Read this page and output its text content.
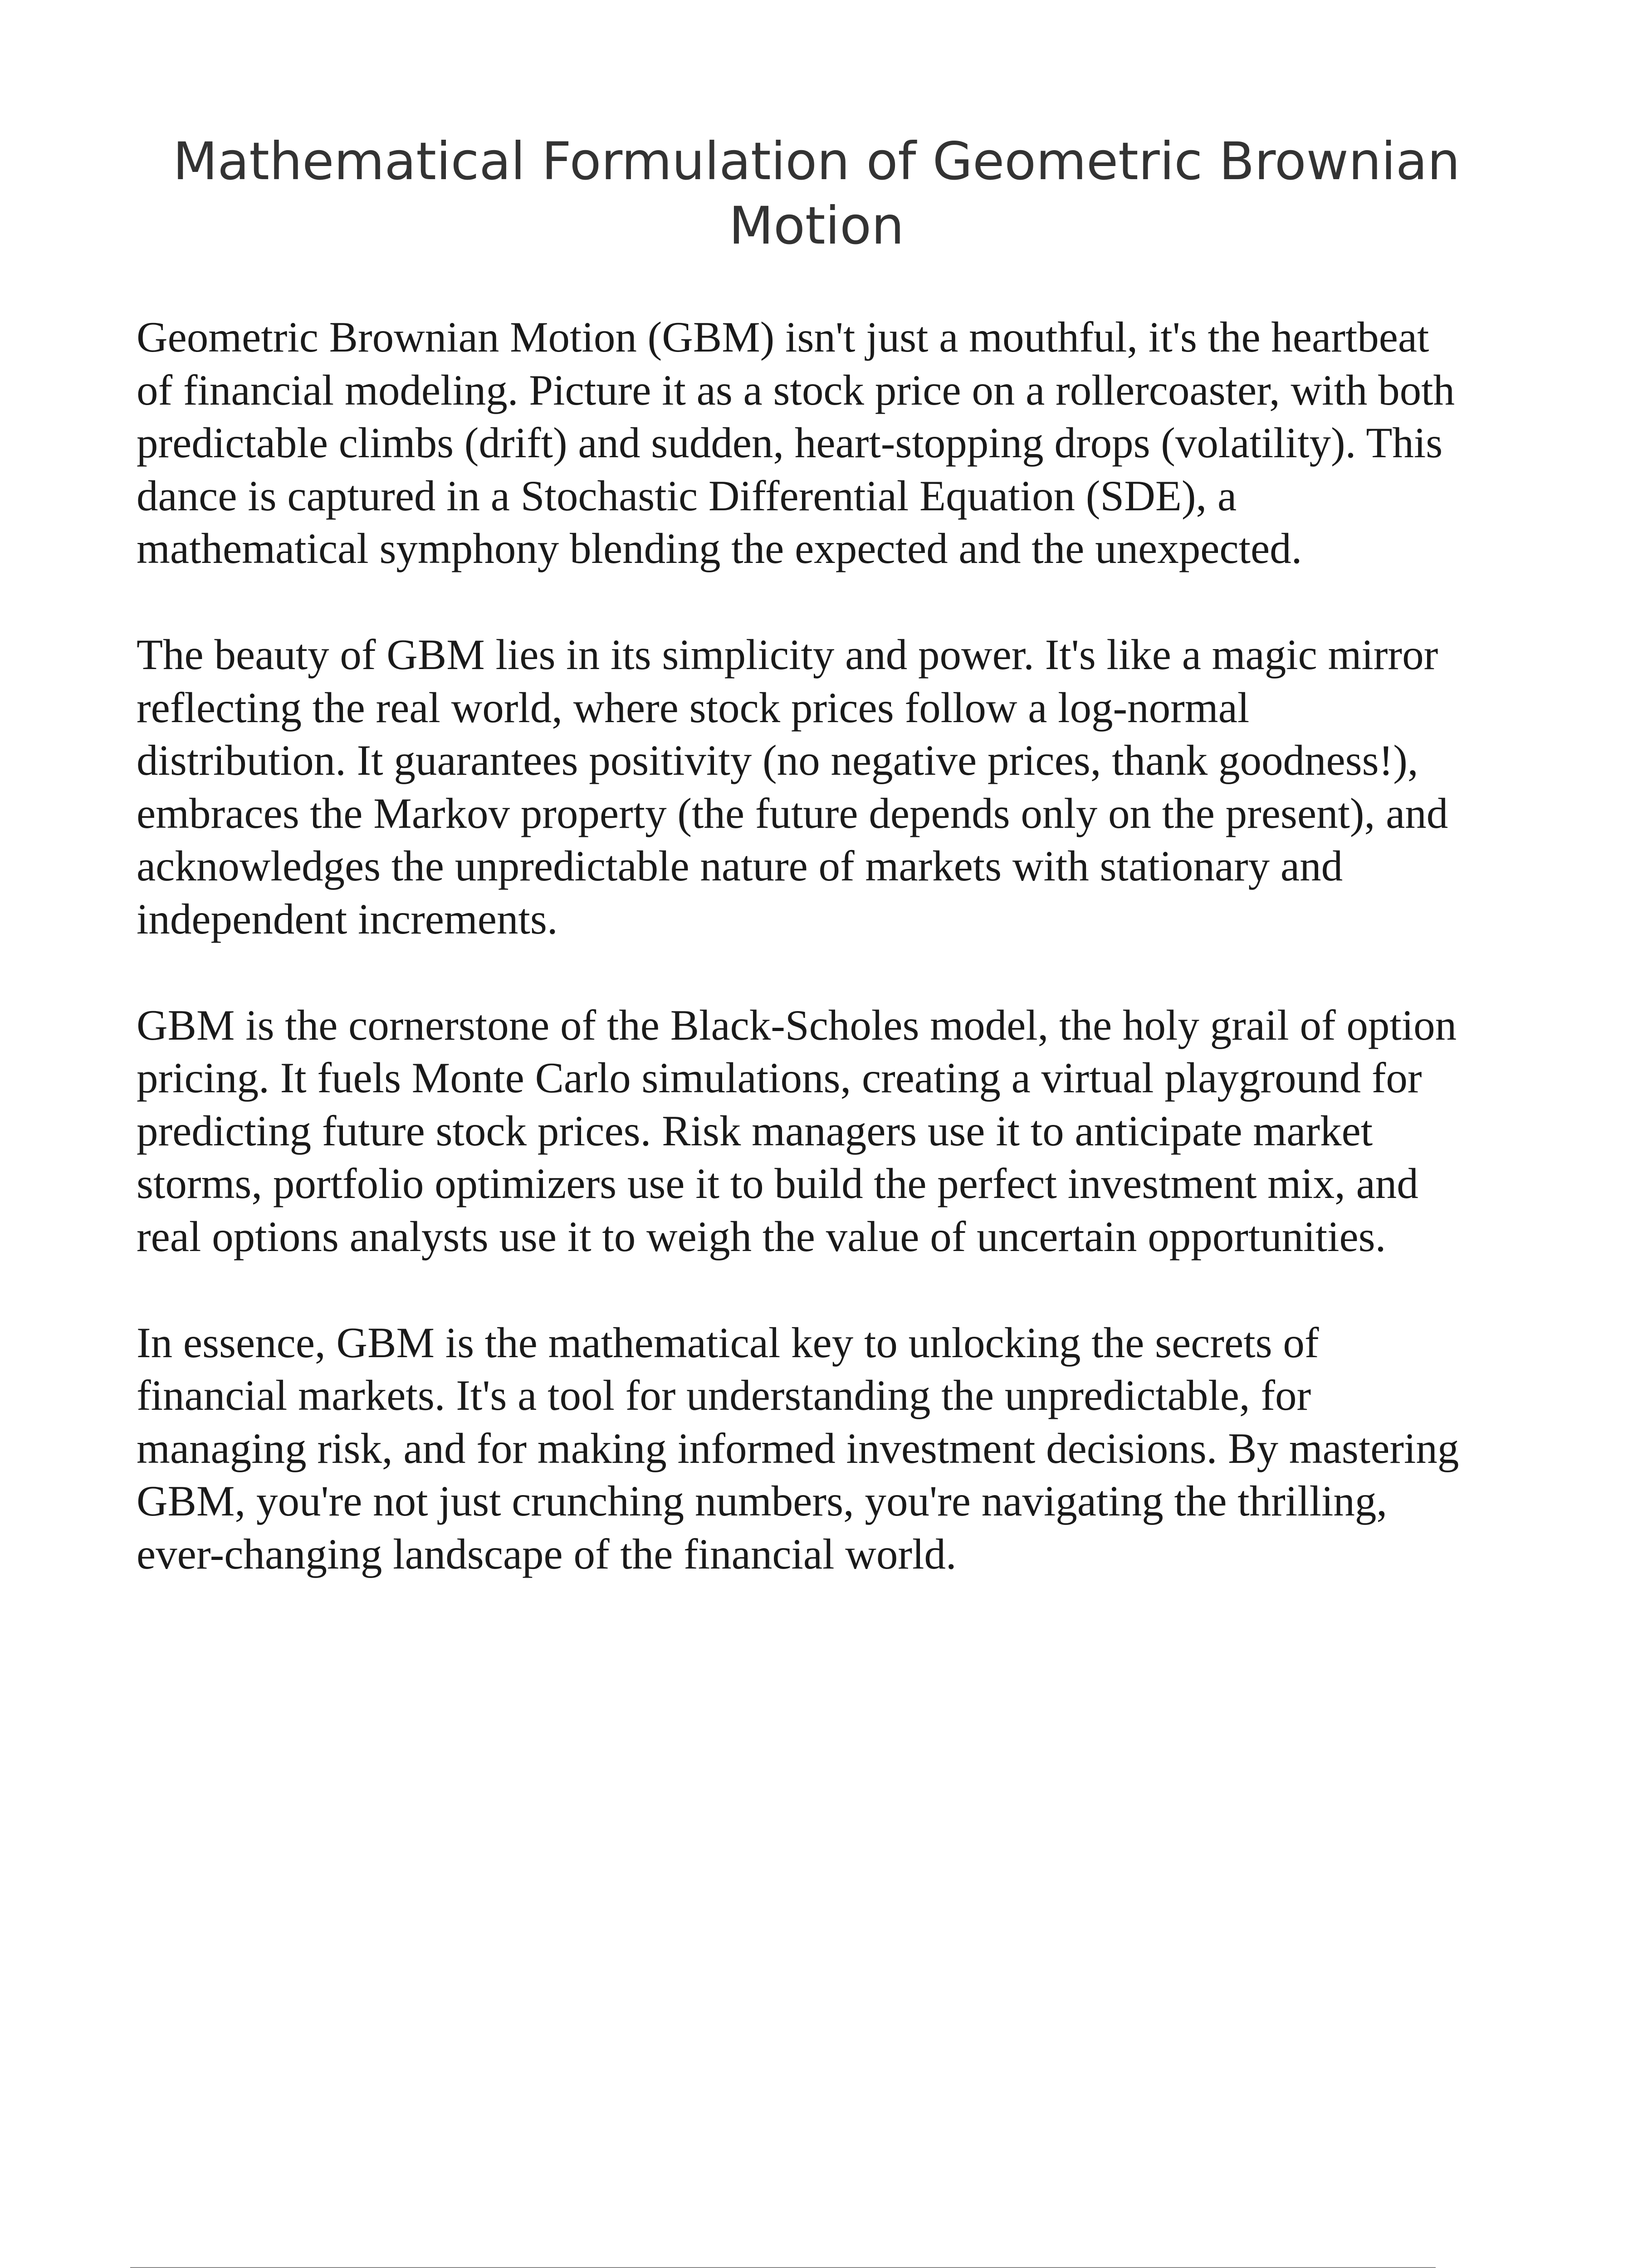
Mathematical Formulation of Geometric Brownian Motion

Geometric Brownian Motion (GBM) isn't just a mouthful, it's the heartbeat of financial modeling. Picture it as a stock price on a rollercoaster, with both predictable climbs (drift) and sudden, heart-stopping drops (volatility). This dance is captured in a Stochastic Differential Equation (SDE), a mathematical symphony blending the expected and the unexpected.

The beauty of GBM lies in its simplicity and power. It's like a magic mirror reflecting the real world, where stock prices follow a log-normal distribution. It guarantees positivity (no negative prices, thank goodness!), embraces the Markov property (the future depends only on the present), and acknowledges the unpredictable nature of markets with stationary and independent increments.

GBM is the cornerstone of the Black-Scholes model, the holy grail of option pricing. It fuels Monte Carlo simulations, creating a virtual playground for predicting future stock prices. Risk managers use it to anticipate market storms, portfolio optimizers use it to build the perfect investment mix, and real options analysts use it to weigh the value of uncertain opportunities.

In essence, GBM is the mathematical key to unlocking the secrets of financial markets. It's a tool for understanding the unpredictable, for managing risk, and for making informed investment decisions. By mastering GBM, you're not just crunching numbers, you're navigating the thrilling, ever-changing landscape of the financial world.
